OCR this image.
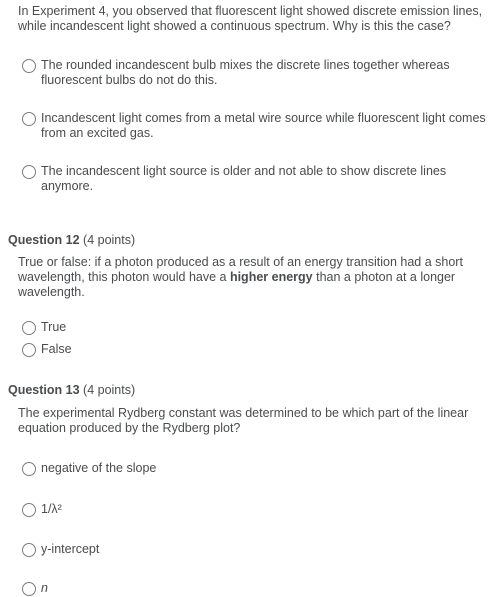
In Experiment 4, you observed that fluorescent light showed discrete emission lines, while incandescent light showed a continuous spectrum. Why is this the case?
The rounded incandescent bulb mixes the discrete lines together whereas fluorescent bulbs do not do this.
Incandescent light comes from a metal wire source while fluorescent light comes from an excited gas.
The incandescent light source is older and not able to show discrete lines anymore.
Question 12 (4 points)
True or false: if a photon produced as a result of an energy transition had a short wavelength, this photon would have a higher energy than a photon at a longer wavelength.
True
False
Question 13 (4 points)
The experimental Rydberg constant was determined to be which part of the linear equation produced by the Rydberg plot?
negative of the slope
1/λ²
y-intercept
n
